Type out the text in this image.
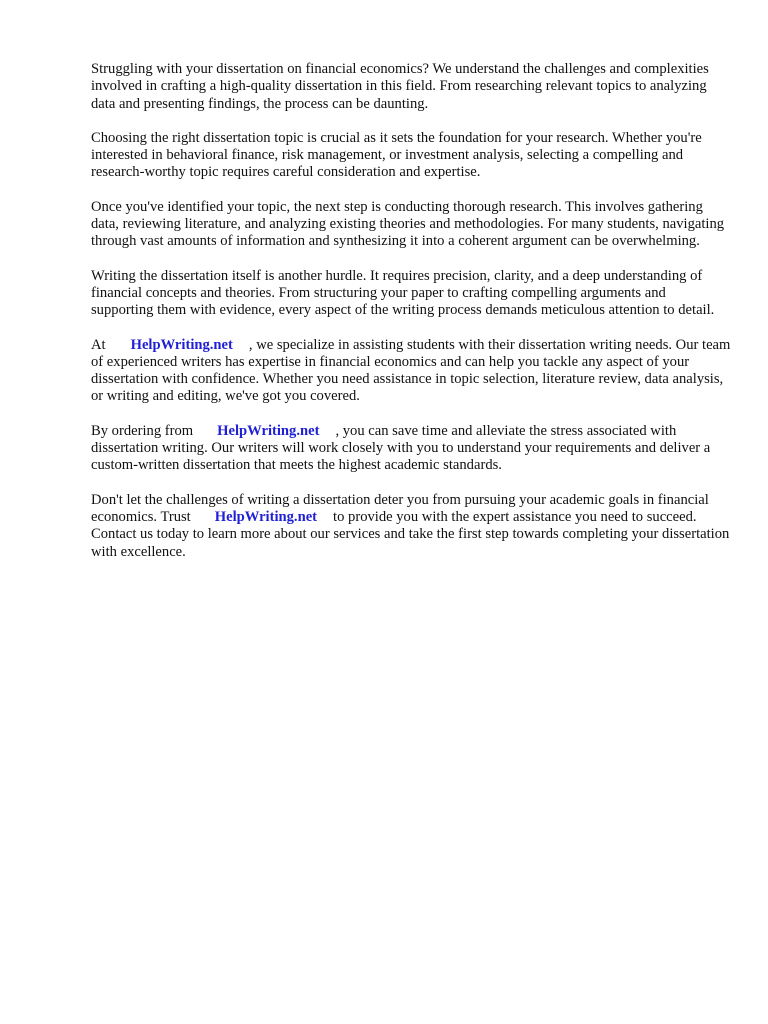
Struggling with your dissertation on financial economics? We understand the challenges and complexities involved in crafting a high-quality dissertation in this field. From researching relevant topics to analyzing data and presenting findings, the process can be daunting.

Choosing the right dissertation topic is crucial as it sets the foundation for your research. Whether you're interested in behavioral finance, risk management, or investment analysis, selecting a compelling and research-worthy topic requires careful consideration and expertise.

Once you've identified your topic, the next step is conducting thorough research. This involves gathering data, reviewing literature, and analyzing existing theories and methodologies. For many students, navigating through vast amounts of information and synthesizing it into a coherent argument can be overwhelming.

Writing the dissertation itself is another hurdle. It requires precision, clarity, and a deep understanding of financial concepts and theories. From structuring your paper to crafting compelling arguments and supporting them with evidence, every aspect of the writing process demands meticulous attention to detail.

At HelpWriting.net , we specialize in assisting students with their dissertation writing needs. Our team of experienced writers has expertise in financial economics and can help you tackle any aspect of your dissertation with confidence. Whether you need assistance in topic selection, literature review, data analysis, or writing and editing, we've got you covered.

By ordering from HelpWriting.net , you can save time and alleviate the stress associated with dissertation writing. Our writers will work closely with you to understand your requirements and deliver a custom-written dissertation that meets the highest academic standards.

Don't let the challenges of writing a dissertation deter you from pursuing your academic goals in financial economics. Trust HelpWriting.net to provide you with the expert assistance you need to succeed. Contact us today to learn more about our services and take the first step towards completing your dissertation with excellence.
